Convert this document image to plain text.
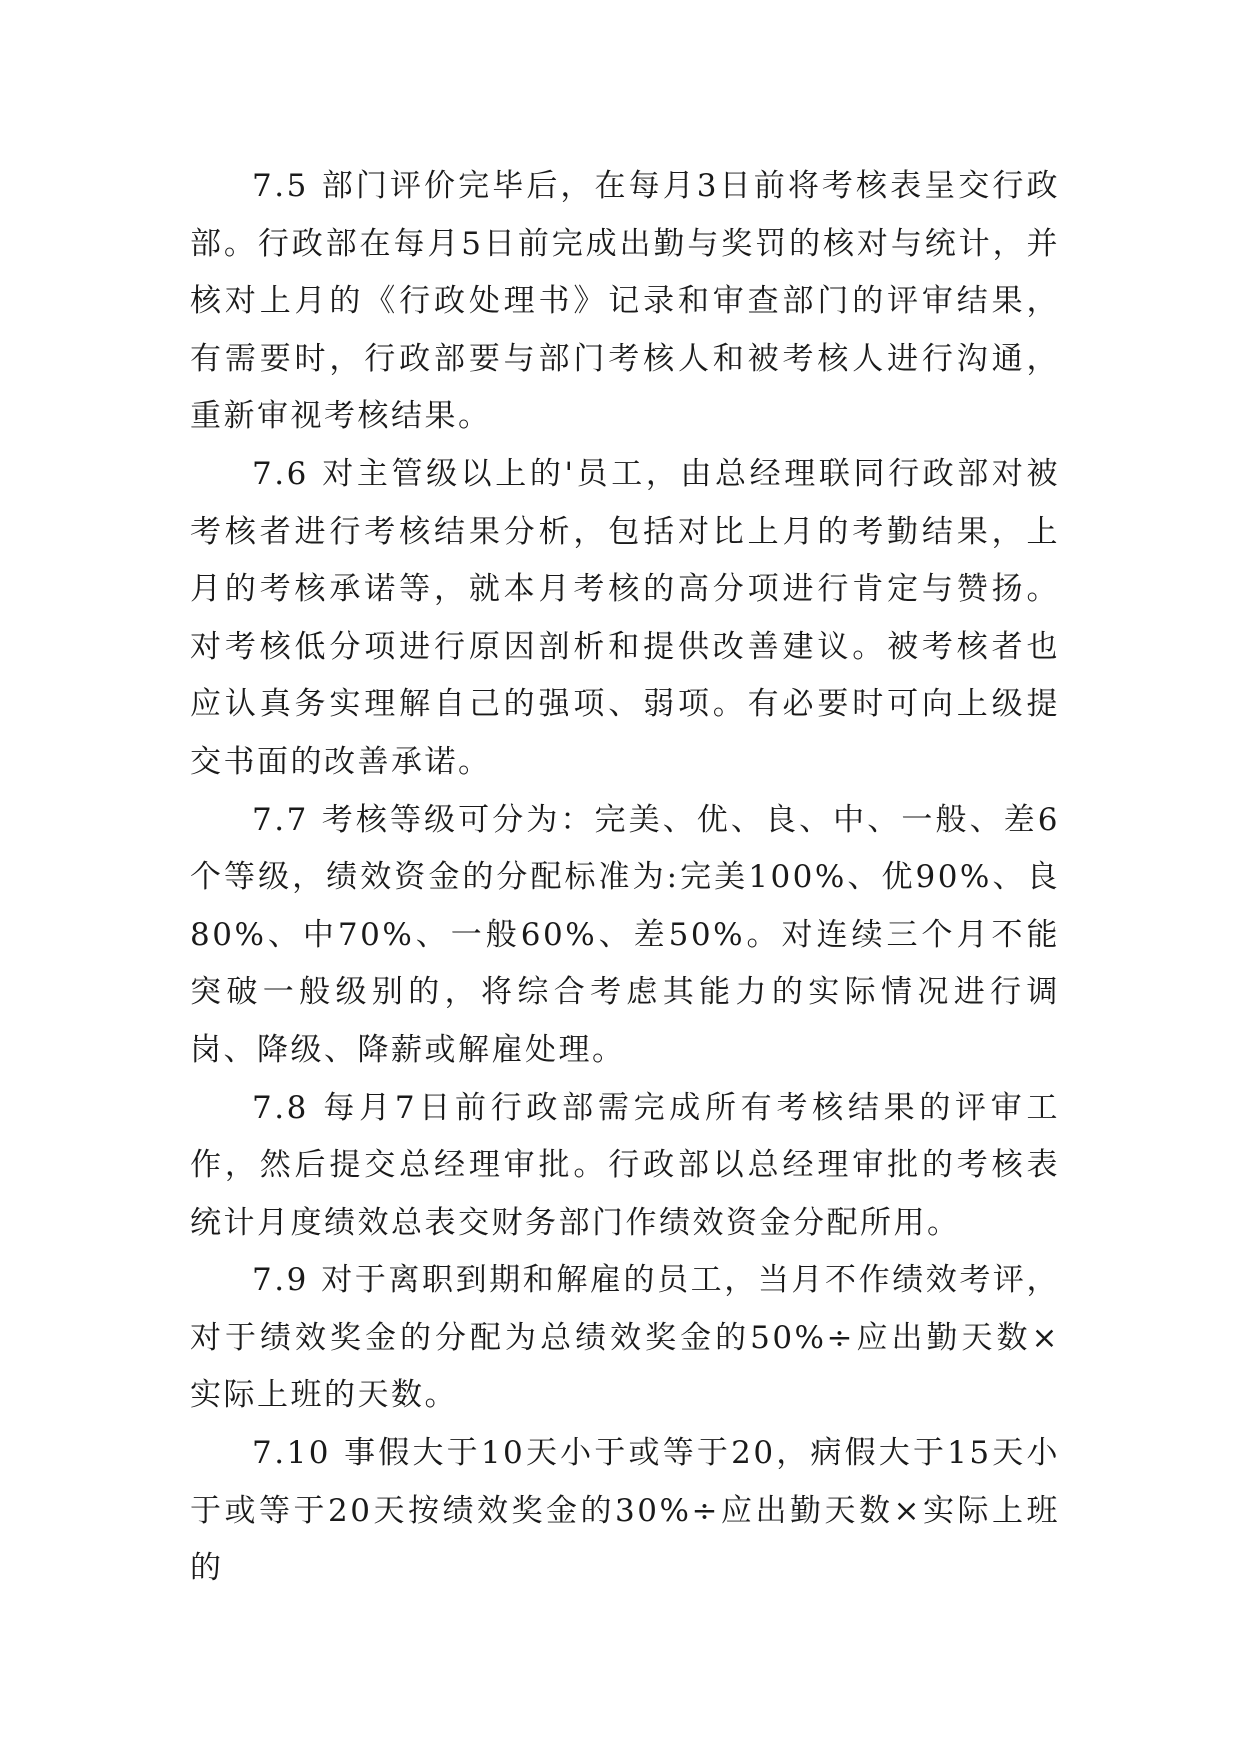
7.5 部门评价完毕后，在每月3日前将考核表呈交行政部。行政部在每月5日前完成出勤与奖罚的核对与统计，并核对上月的《行政处理书》记录和审查部门的评审结果，有需要时，行政部要与部门考核人和被考核人进行沟通，重新审视考核结果。

7.6 对主管级以上的'员工，由总经理联同行政部对被考核者进行考核结果分析，包括对比上月的考勤结果，上月的考核承诺等，就本月考核的高分项进行肯定与赞扬。对考核低分项进行原因剖析和提供改善建议。被考核者也应认真务实理解自己的强项、弱项。有必要时可向上级提交书面的改善承诺。

7.7 考核等级可分为：完美、优、良、中、一般、差6个等级，绩效资金的分配标准为:完美100%、优90%、良80%、中70%、一般60%、差50%。对连续三个月不能突破一般级别的，将综合考虑其能力的实际情况进行调岗、降级、降薪或解雇处理。

7.8 每月7日前行政部需完成所有考核结果的评审工作，然后提交总经理审批。行政部以总经理审批的考核表统计月度绩效总表交财务部门作绩效资金分配所用。

7.9 对于离职到期和解雇的员工，当月不作绩效考评，对于绩效奖金的分配为总绩效奖金的50%÷应出勤天数×实际上班的天数。

7.10 事假大于10天小于或等于20，病假大于15天小于或等于20天按绩效奖金的30%÷应出勤天数×实际上班的
